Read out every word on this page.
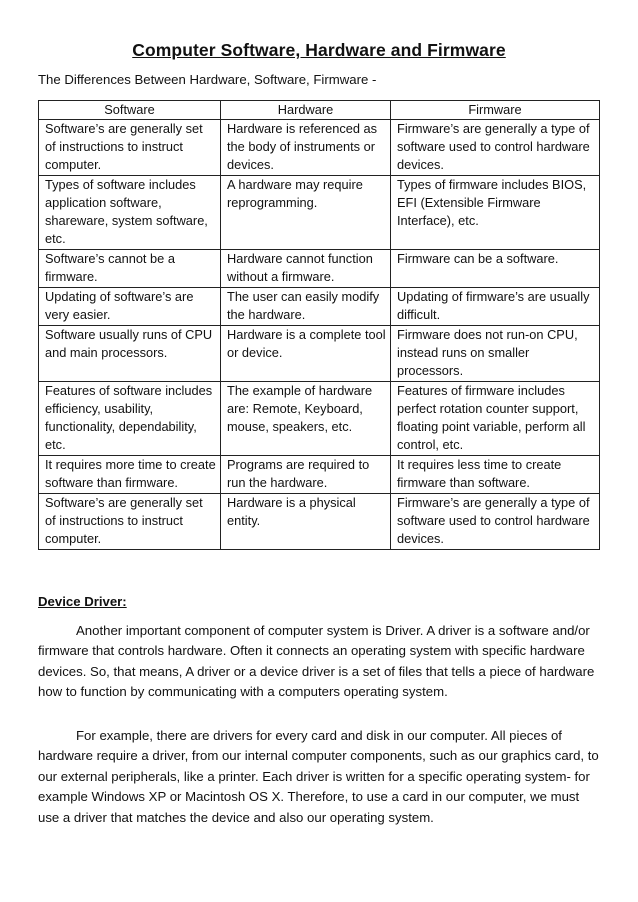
Computer Software, Hardware and Firmware
The Differences Between Hardware, Software, Firmware -
Software	Hardware	Firmware
Software’s are generally set of instructions to instruct computer.	Hardware is referenced as the body of instruments or devices.	Firmware’s are generally a type of software used to control hardware devices.
Types of software includes application software, shareware, system software, etc.	A hardware may require reprogramming.	Types of firmware includes BIOS, EFI (Extensible Firmware Interface), etc.
Software’s cannot be a firmware.	Hardware cannot function without a firmware.	Firmware can be a software.
Updating of software’s are very easier.	The user can easily modify the hardware.	Updating of firmware’s are usually difficult.
Software usually runs of CPU and main processors.	Hardware is a complete tool or device.	Firmware does not run-on CPU, instead runs on smaller processors.
Features of software includes efficiency, usability, functionality, dependability, etc.	The example of hardware are: Remote, Keyboard, mouse, speakers, etc.	Features of firmware includes perfect rotation counter support, floating point variable, perform all control, etc.
It requires more time to create software than firmware.	Programs are required to run the hardware.	It requires less time to create firmware than software.
Software’s are generally set of instructions to instruct computer.	Hardware is a physical entity.	Firmware’s are generally a type of software used to control hardware devices.
Device Driver:

Another important component of computer system is Driver. A driver is a software and/or firmware that controls hardware. Often it connects an operating system with specific hardware devices. So, that means, A driver or a device driver is a set of files that tells a piece of hardware how to function by communicating with a computers operating system.

For example, there are drivers for every card and disk in our computer. All pieces of hardware require a driver, from our internal computer components, such as our graphics card, to our external peripherals, like a printer. Each driver is written for a specific operating system- for example Windows XP or Macintosh OS X. Therefore, to use a card in our computer, we must use a driver that matches the device and also our operating system.
